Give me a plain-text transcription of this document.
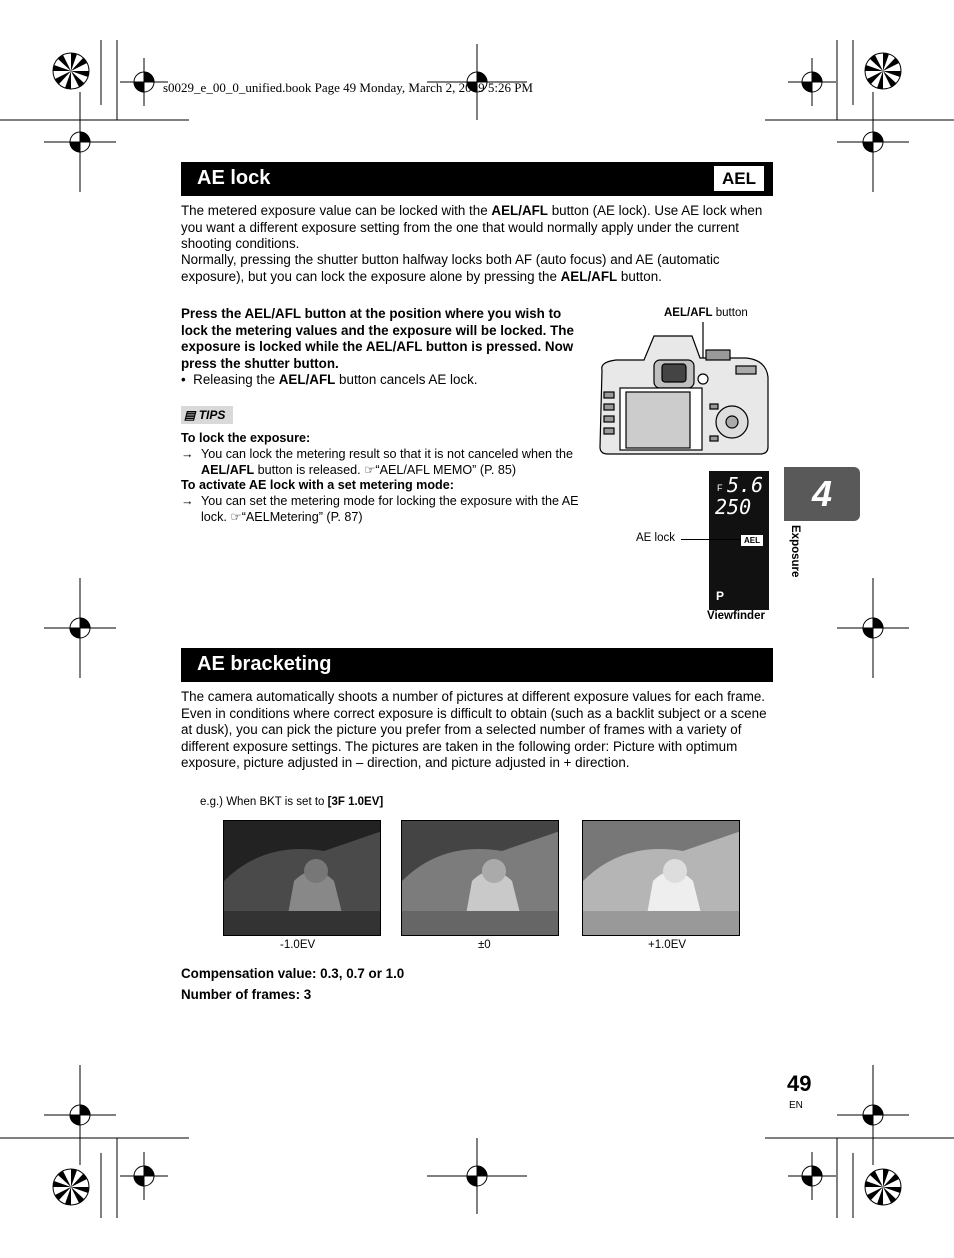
s0029_e_00_0_unified.book Page 49 Monday, March 2, 2009 5:26 PM
AE lock	AEL
The metered exposure value can be locked with the AEL/AFL button (AE lock). Use AE lock when you want a different exposure setting from the one that would normally apply under the current shooting conditions.
Normally, pressing the shutter button halfway locks both AF (auto focus) and AE (automatic exposure), but you can lock the exposure alone by pressing the AEL/AFL button.
Press the AEL/AFL button at the position where you wish to lock the metering values and the exposure will be locked. The exposure is locked while the AEL/AFL button is pressed. Now press the shutter button.
• Releasing the AEL/AFL button cancels AE lock.
▤ TIPS
To lock the exposure:
→ You can lock the metering result so that it is not canceled when the AEL/AFL button is released. ☞“AEL/AFL MEMO” (P. 85)
To activate AE lock with a set metering mode:
→ You can set the metering mode for locking the exposure with the AE lock. ☞“AELMetering” (P. 87)
AEL/AFL button
F 5.6
250
AEL
P
AE lock
Viewfinder
4
Exposure
AE bracketing
The camera automatically shoots a number of pictures at different exposure values for each frame. Even in conditions where correct exposure is difficult to obtain (such as a backlit subject or a scene at dusk), you can pick the picture you prefer from a selected number of frames with a variety of different exposure settings. The pictures are taken in the following order: Picture with optimum exposure, picture adjusted in – direction, and picture adjusted in + direction.
e.g.) When BKT is set to [3F 1.0EV]
-1.0EV	±0	+1.0EV
Compensation value: 0.3, 0.7 or 1.0
Number of frames: 3
49
EN
